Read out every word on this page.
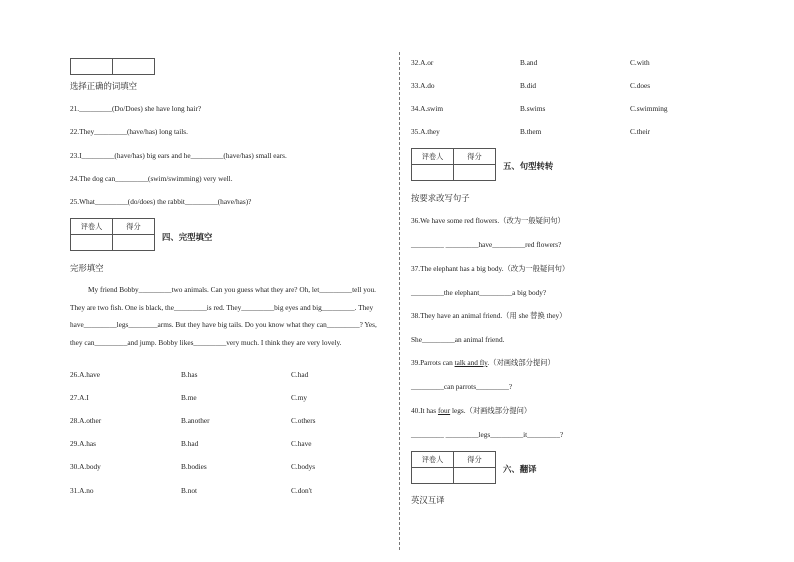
选择正确的词填空
21._________(Do/Does) she have long hair?
22.They_________(have/has) long tails.
23.I_________(have/has) big ears and he_________(have/has) small ears.
24.The dog can_________(swim/swimming) very well.
25.What_________(do/does) the rabbit_________(have/has)?
评卷人	得分

四、完型填空
完形填空
My friend Bobby_________two animals. Can you guess what they are? Oh, let_________tell you. They are two fish. One is black, the_________is red. They_________big eyes and big_________. They have_________legs________arms. But they have big tails. Do you know what they can_________? Yes, they can_________and jump. Bobby likes_________very much. I think they are very lovely.
26.A.have	B.has	C.had
27.A.I	B.me	C.my
28.A.other	B.another	C.others
29.A.has	B.had	C.have
30.A.body	B.bodies	C.bodys
31.A.no	B.not	C.don't
32.A.or	B.and	C.with
33.A.do	B.did	C.does
34.A.swim	B.swims	C.swimming
35.A.they	B.them	C.their
评卷人	得分

五、句型转转
按要求改写句子
36.We have some red flowers.（改为一般疑问句）
_________ _________have_________red flowers?
37.The elephant has a big body.（改为一般疑问句）
_________the elephant_________a big body?
38.They have an animal friend.（用 she 替换 they）
She_________an animal friend.
39.Parrots can talk and fly.（对画线部分提问）
_________can parrots_________?
40.It has four legs.（对画线部分提问）
_________ _________legs_________it_________?
评卷人	得分

六、翻译
英汉互译
